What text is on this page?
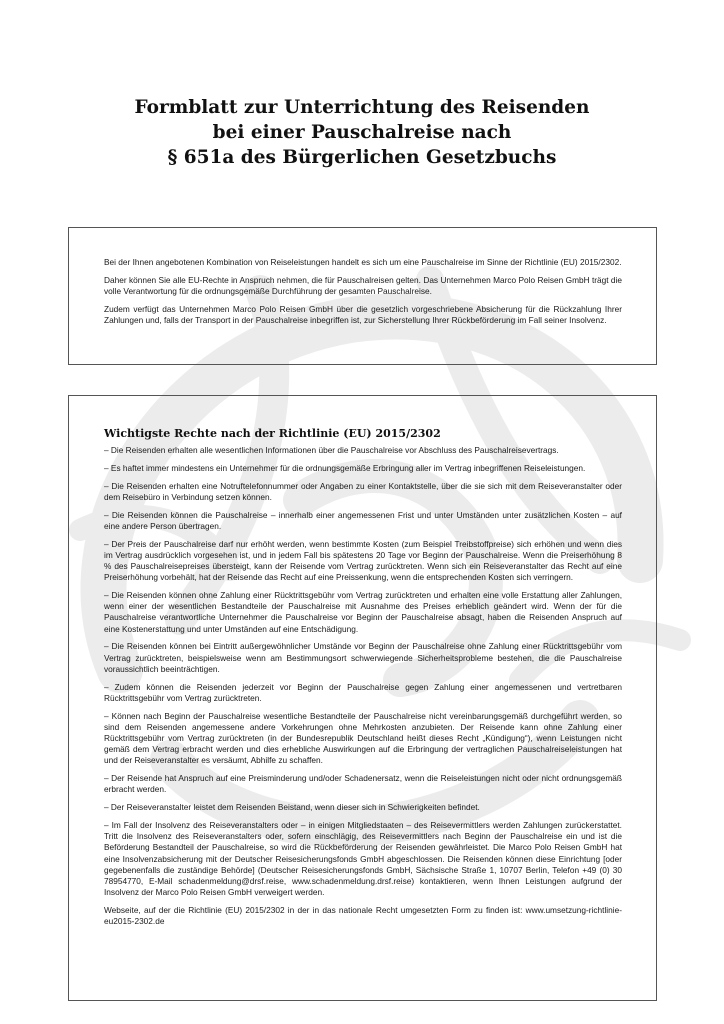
Formblatt zur Unterrichtung des Reisenden
bei einer Pauschalreise nach
§ 651a des Bürgerlichen Gesetzbuchs

Bei der Ihnen angebotenen Kombination von Reiseleistungen handelt es sich um eine Pauschalreise im Sinne der Richtlinie (EU) 2015/2302.

Daher können Sie alle EU-Rechte in Anspruch nehmen, die für Pauschalreisen gelten. Das Unternehmen Marco Polo Reisen GmbH trägt die volle Verantwortung für die ordnungsgemäße Durchführung der gesamten Pauschalreise.

Zudem verfügt das Unternehmen Marco Polo Reisen GmbH über die gesetzlich vorgeschriebene Absicherung für die Rückzahlung Ihrer Zahlungen und, falls der Transport in der Pauschalreise inbegriffen ist, zur Sicherstellung Ihrer Rückbeförderung im Fall seiner Insolvenz.

Wichtigste Rechte nach der Richtlinie (EU) 2015/2302

– Die Reisenden erhalten alle wesentlichen Informationen über die Pauschalreise vor Abschluss des Pauschalreisevertrags.

– Es haftet immer mindestens ein Unternehmer für die ordnungsgemäße Erbringung aller im Vertrag inbegriffenen Reiseleistungen.

– Die Reisenden erhalten eine Notruftelefonnummer oder Angaben zu einer Kontaktstelle, über die sie sich mit dem Reiseveranstalter oder dem Reisebüro in Verbindung setzen können.

– Die Reisenden können die Pauschalreise – innerhalb einer angemessenen Frist und unter Umständen unter zusätzlichen Kosten – auf eine andere Person übertragen.

– Der Preis der Pauschalreise darf nur erhöht werden, wenn bestimmte Kosten (zum Beispiel Treibstoffpreise) sich erhöhen und wenn dies im Vertrag ausdrücklich vorgesehen ist, und in jedem Fall bis spätestens 20 Tage vor Beginn der Pauschalreise. Wenn die Preiserhöhung 8 % des Pauschalreisepreises übersteigt, kann der Reisende vom Vertrag zurücktreten. Wenn sich ein Reiseveranstalter das Recht auf eine Preiserhöhung vorbehält, hat der Reisende das Recht auf eine Preissenkung, wenn die entsprechenden Kosten sich verringern.

– Die Reisenden können ohne Zahlung einer Rücktrittsgebühr vom Vertrag zurücktreten und erhalten eine volle Erstattung aller Zahlungen, wenn einer der wesentlichen Bestandteile der Pauschalreise mit Ausnahme des Preises erheblich geändert wird. Wenn der für die Pauschalreise verantwortliche Unternehmer die Pauschalreise vor Beginn der Pauschalreise absagt, haben die Reisenden Anspruch auf eine Kostenerstattung und unter Umständen auf eine Entschädigung.

– Die Reisenden können bei Eintritt außergewöhnlicher Umstände vor Beginn der Pauschalreise ohne Zahlung einer Rücktrittsgebühr vom Vertrag zurücktreten, beispielsweise wenn am Bestimmungsort schwerwiegende Sicherheitsprobleme bestehen, die die Pauschalreise voraussichtlich beeinträchtigen.

– Zudem können die Reisenden jederzeit vor Beginn der Pauschalreise gegen Zahlung einer angemessenen und vertretbaren Rücktrittsgebühr vom Vertrag zurücktreten.

– Können nach Beginn der Pauschalreise wesentliche Bestandteile der Pauschalreise nicht vereinbarungsgemäß durchgeführt werden, so sind dem Reisenden angemessene andere Vorkehrungen ohne Mehrkosten anzubieten. Der Reisende kann ohne Zahlung einer Rücktrittsgebühr vom Vertrag zurücktreten (in der Bundesrepublik Deutschland heißt dieses Recht „Kündigung“), wenn Leistungen nicht gemäß dem Vertrag erbracht werden und dies erhebliche Auswirkungen auf die Erbringung der vertraglichen Pauschalreiseleistungen hat und der Reiseveranstalter es versäumt, Abhilfe zu schaffen.

– Der Reisende hat Anspruch auf eine Preisminderung und/oder Schadenersatz, wenn die Reiseleistungen nicht oder nicht ordnungsgemäß erbracht werden.

– Der Reiseveranstalter leistet dem Reisenden Beistand, wenn dieser sich in Schwierigkeiten befindet.

– Im Fall der Insolvenz des Reiseveranstalters oder – in einigen Mitgliedstaaten – des Reisevermittlers werden Zahlungen zurückerstattet. Tritt die Insolvenz des Reiseveranstalters oder, sofern einschlägig, des Reisevermittlers nach Beginn der Pauschalreise ein und ist die Beförderung Bestandteil der Pauschalreise, so wird die Rückbeförderung der Reisenden gewährleistet. Die Marco Polo Reisen GmbH hat eine Insolvenzabsicherung mit der Deutscher Reisesicherungsfonds GmbH abgeschlossen. Die Reisenden können diese Einrichtung [oder gegebenenfalls die zuständige Behörde] (Deutscher Reisesicherungsfonds GmbH, Sächsische Straße 1, 10707 Berlin, Telefon +49 (0) 30 78954770, E-Mail schadenmeldung@drsf.reise, www.schadenmeldung.drsf.reise) kontaktieren, wenn Ihnen Leistungen aufgrund der Insolvenz der Marco Polo Reisen GmbH verweigert werden.

Webseite, auf der die Richtlinie (EU) 2015/2302 in der in das nationale Recht umgesetzten Form zu finden ist: www.umsetzung-richtlinie-eu2015-2302.de
